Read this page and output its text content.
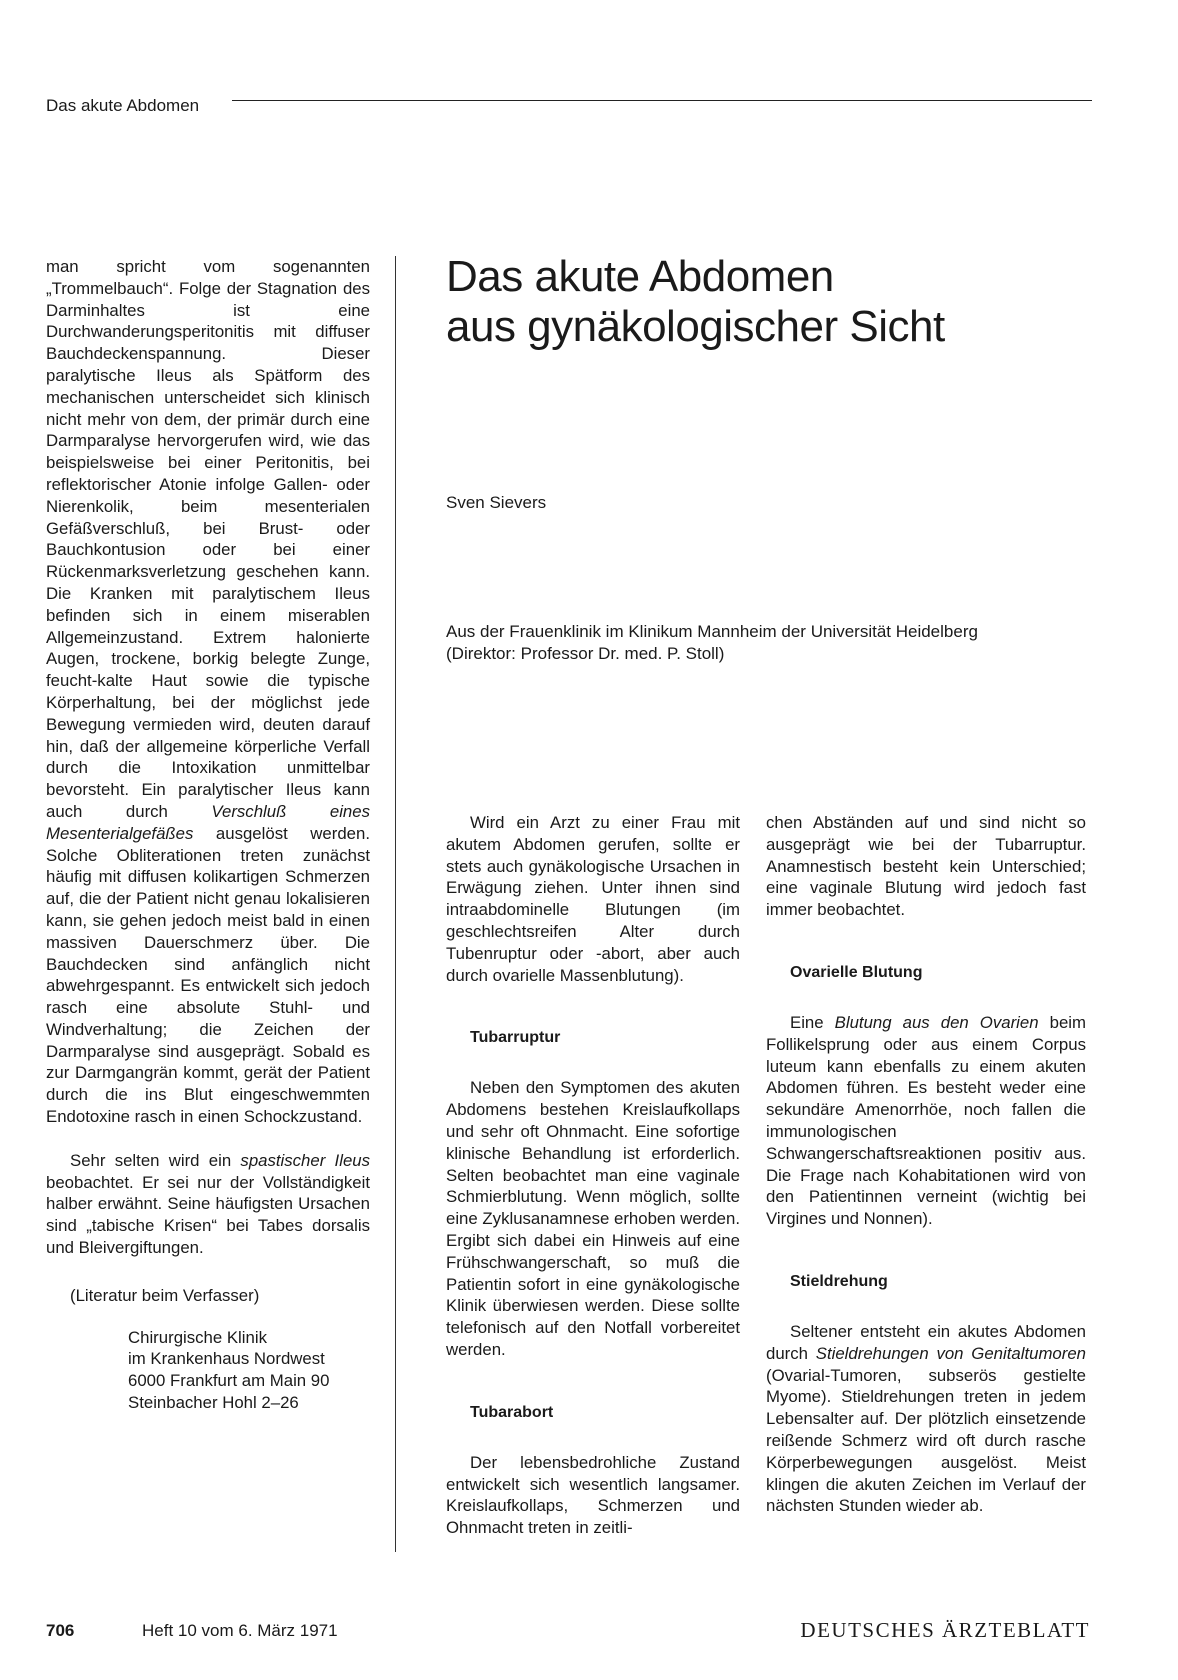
Das akute Abdomen

man spricht vom sogenannten „Trommelbauch“. Folge der Stagnation des Darminhaltes ist eine Durchwanderungsperitonitis mit diffuser Bauchdeckenspannung. Dieser paralytische Ileus als Spätform des mechanischen unterscheidet sich klinisch nicht mehr von dem, der primär durch eine Darmparalyse hervorgerufen wird, wie das beispielsweise bei einer Peritonitis, bei reflektorischer Atonie infolge Gallen- oder Nierenkolik, beim mesenterialen Gefäßverschluß, bei Brust- oder Bauchkontusion oder bei einer Rückenmarksverletzung geschehen kann. Die Kranken mit paralytischem Ileus befinden sich in einem miserablen Allgemeinzustand. Extrem halonierte Augen, trockene, borkig belegte Zunge, feucht-kalte Haut sowie die typische Körperhaltung, bei der möglichst jede Bewegung vermieden wird, deuten darauf hin, daß der allgemeine körperliche Verfall durch die Intoxikation unmittelbar bevorsteht. Ein paralytischer Ileus kann auch durch Verschluß eines Mesenterialgefäßes ausgelöst werden. Solche Obliterationen treten zunächst häufig mit diffusen kolikartigen Schmerzen auf, die der Patient nicht genau lokalisieren kann, sie gehen jedoch meist bald in einen massiven Dauerschmerz über. Die Bauchdecken sind anfänglich nicht abwehrgespannt. Es entwickelt sich jedoch rasch eine absolute Stuhl- und Windverhaltung; die Zeichen der Darmparalyse sind ausgeprägt. Sobald es zur Darmgangrän kommt, gerät der Patient durch die ins Blut eingeschwemmten Endotoxine rasch in einen Schockzustand.

Sehr selten wird ein spastischer Ileus beobachtet. Er sei nur der Vollständigkeit halber erwähnt. Seine häufigsten Ursachen sind „tabische Krisen“ bei Tabes dorsalis und Bleivergiftungen.

(Literatur beim Verfasser)

Chirurgische Klinik
im Krankenhaus Nordwest
6000 Frankfurt am Main 90
Steinbacher Hohl 2–26
Das akute Abdomen
aus gynäkologischer Sicht
Sven Sievers
Aus der Frauenklinik im Klinikum Mannheim der Universität Heidelberg
(Direktor: Professor Dr. med. P. Stoll)

Wird ein Arzt zu einer Frau mit akutem Abdomen gerufen, sollte er stets auch gynäkologische Ursachen in Erwägung ziehen. Unter ihnen sind intraabdominelle Blutungen (im geschlechtsreifen Alter durch Tubenruptur oder -abort, aber auch durch ovarielle Massenblutung).

Tubarruptur

Neben den Symptomen des akuten Abdomens bestehen Kreislaufkollaps und sehr oft Ohnmacht. Eine sofortige klinische Behandlung ist erforderlich. Selten beobachtet man eine vaginale Schmierblutung. Wenn möglich, sollte eine Zyklusanamnese erhoben werden. Ergibt sich dabei ein Hinweis auf eine Frühschwangerschaft, so muß die Patientin sofort in eine gynäkologische Klinik überwiesen werden. Diese sollte telefonisch auf den Notfall vorbereitet werden.

Tubarabort

Der lebensbedrohliche Zustand entwickelt sich wesentlich langsamer. Kreislaufkollaps, Schmerzen und Ohnmacht treten in zeitli-

chen Abständen auf und sind nicht so ausgeprägt wie bei der Tubarruptur. Anamnestisch besteht kein Unterschied; eine vaginale Blutung wird jedoch fast immer beobachtet.

Ovarielle Blutung

Eine Blutung aus den Ovarien beim Follikelsprung oder aus einem Corpus luteum kann ebenfalls zu einem akuten Abdomen führen. Es besteht weder eine sekundäre Amenorrhöe, noch fallen die immunologischen Schwangerschaftsreaktionen positiv aus. Die Frage nach Kohabitationen wird von den Patientinnen verneint (wichtig bei Virgines und Nonnen).

Stieldrehung

Seltener entsteht ein akutes Abdomen durch Stieldrehungen von Genitaltumoren (Ovarial-Tumoren, subserös gestielte Myome). Stieldrehungen treten in jedem Lebensalter auf. Der plötzlich einsetzende reißende Schmerz wird oft durch rasche Körperbewegungen ausgelöst. Meist klingen die akuten Zeichen im Verlauf der nächsten Stunden wieder ab.

706	Heft 10 vom 6. März 1971	DEUTSCHES ÄRZTEBLATT
